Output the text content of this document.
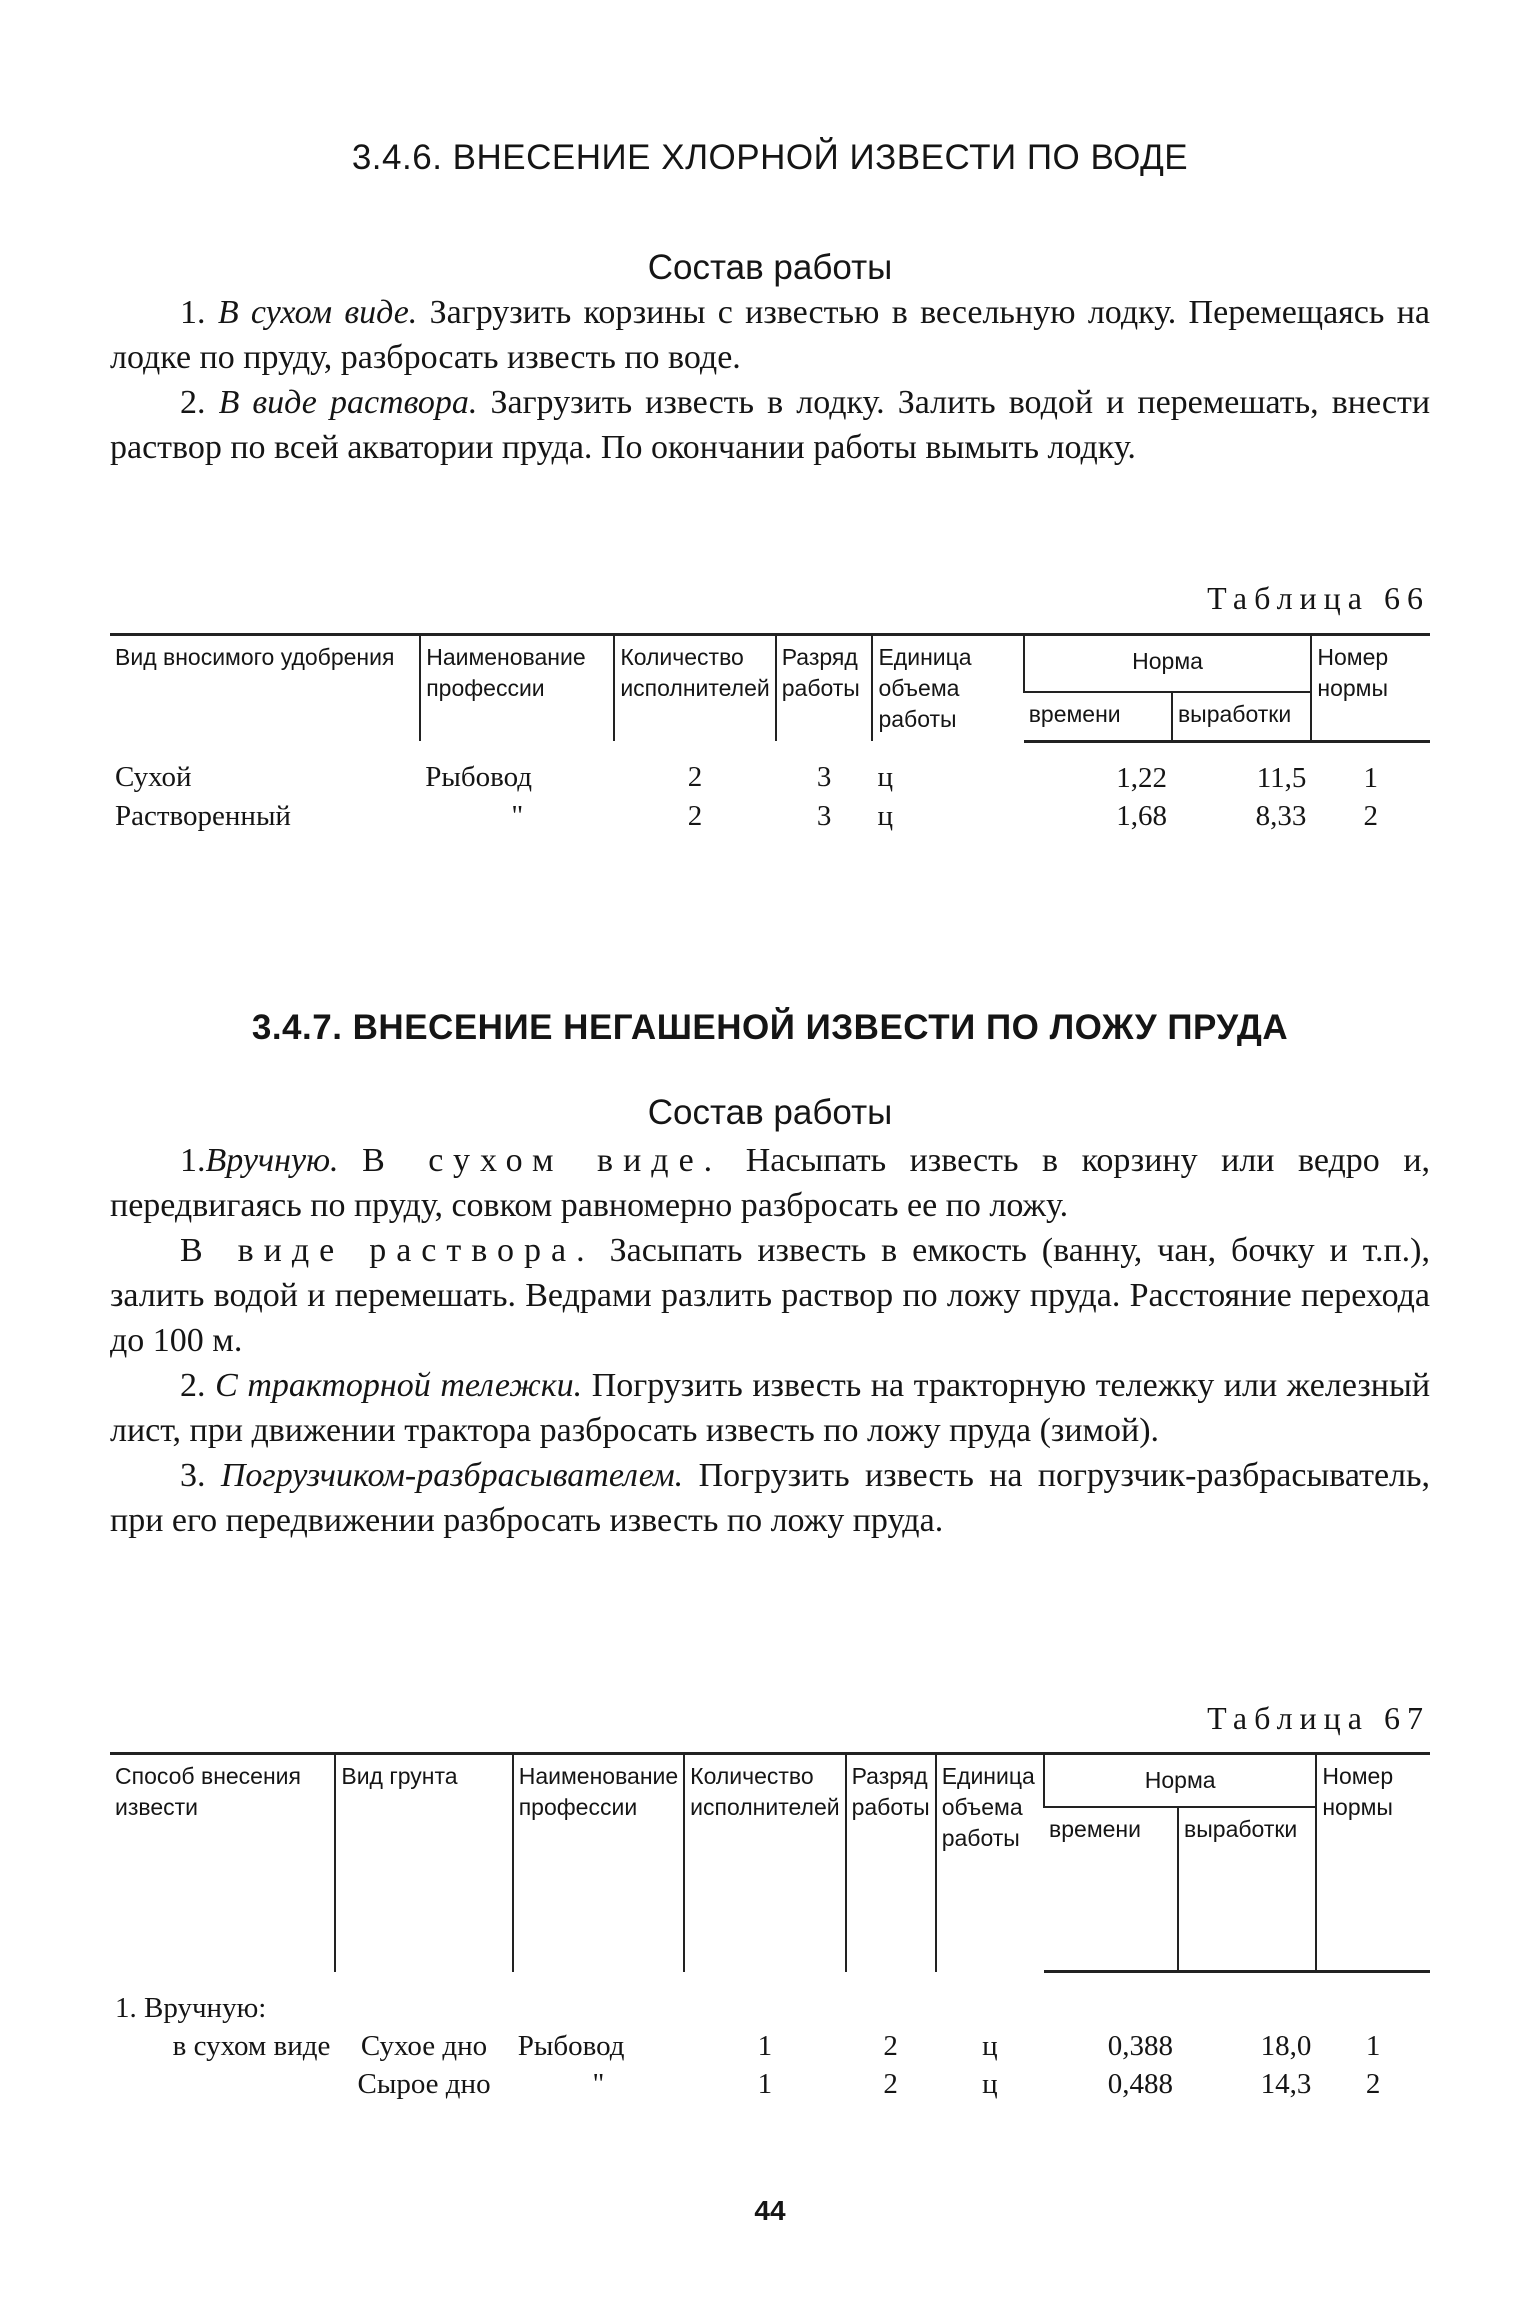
3.4.6. ВНЕСЕНИЕ ХЛОРНОЙ ИЗВЕСТИ ПО ВОДЕ
Состав работы

1. В сухом виде. Загрузить корзины с известью в весельную лодку. Перемещаясь на лодке по пруду, разбросать известь по воде.

2. В виде раствора. Загрузить известь в лодку. Залить водой и перемешать, внести раствор по всей акватории пруда. По окончании работы вымыть лодку.

Таблица 66
Вид вносимого удобрения	Наименование профессии	Количество исполнителей	Разряд работы	Единица объема работы	Норма		Номер нормы
					времени	выработки	
Сухой	Рыбовод	2	3	ц	1,22	11,5	1
Растворенный	"	2	3	ц	1,68	8,33	2
3.4.7. ВНЕСЕНИЕ НЕГАШЕНОЙ ИЗВЕСТИ ПО ЛОЖУ ПРУДА
Состав работы

1.Вручную. В сухом виде. Насыпать известь в корзину или ведро и, передвигаясь по пруду, совком равномерно разбросать ее по ложу.

В виде раствора. Засыпать известь в емкость (ванну, чан, бочку и т.п.), залить водой и перемешать. Ведрами разлить раствор по ложу пруда. Расстояние перехода до 100 м.

2. С тракторной тележки. Погрузить известь на тракторную тележку или железный лист, при движении трактора разбросать известь по ложу пруда (зимой).

3. Погрузчиком-разбрасывателем. Погрузить известь на погрузчик-разбрасыватель, при его передвижении разбросать известь по ложу пруда.

Таблица 67
Способ внесения извести	Вид грунта	Наименование профессии	Количество исполнителей	Разряд работы	Единица объема работы	Норма		Номер нормы
						времени	выработки	
1. Вручную:								
в сухом виде	Сухое дно	Рыбовод	1	2	ц	0,388	18,0	1
	Сырое дно	"	1	2	ц	0,488	14,3	2
44
